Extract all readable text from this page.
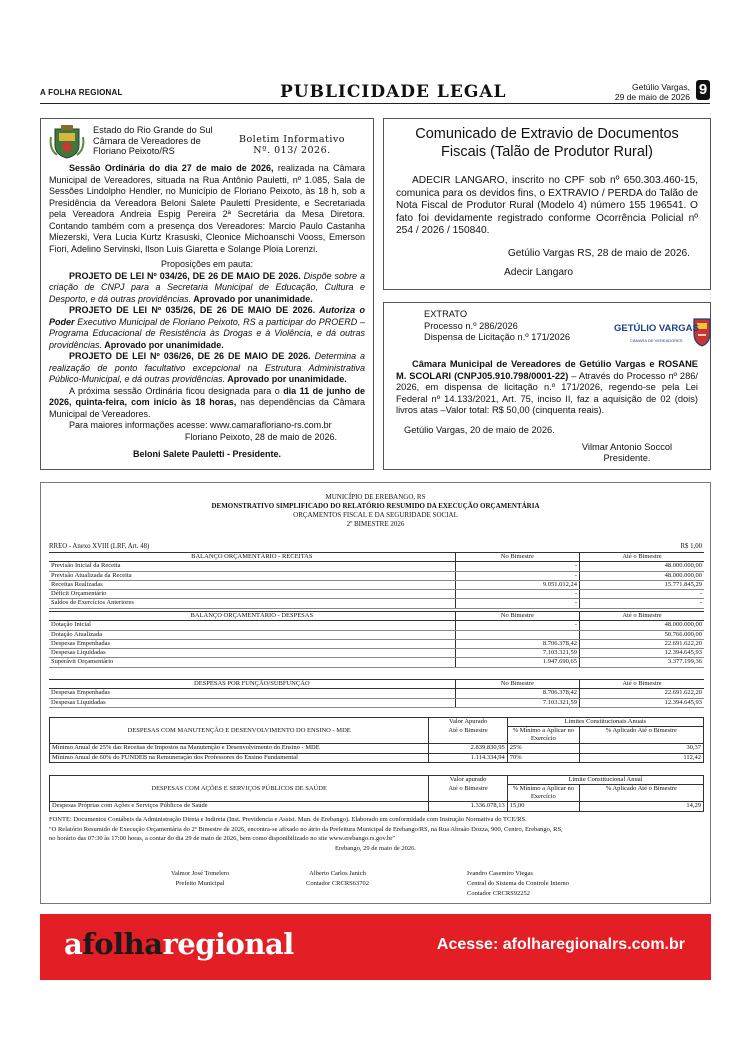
A FOLHA REGIONAL	PUBLICIDADE LEGAL	Getúlio Vargas,
29 de maio de 2026 9
Estado do Rio Grande do Sul
Câmara de Vereadores de
Floriano Peixoto/RS
Boletim Informativo
Nº. 013/ 2026.

Sessão Ordinária do dia 27 de maio de 2026, realizada na Câmara Municipal de Vereadores, situada na Rua Antônio Pauletti, nº 1.085, Sala de Sessões Lindolpho Hendler, no Município de Floriano Peixoto, às 18 h, sob a Presidência da Vereadora Beloni Salete Pauletti Presidente, e Secretariada pela Vereadora Andreia Espig Pereira 2ª Secretária da Mesa Diretora. Contando também com a presença dos Vereadores: Marcio Paulo Castanha Miezerski, Vera Lucia Kurtz Krasuski, Cleonice Michoanschi Vooss, Emerson Fiori, Adelino Servinski, Ilson Luis Giaretta e Solange Ploia Lorenzi.

Proposições em pauta:

PROJETO DE LEI Nº 034/26, DE 26 DE MAIO DE 2026. Dispõe sobre a criação de CNPJ para a Secretaria Municipal de Educação, Cultura e Desporto, e dá outras providências. Aprovado por unanimidade.

PROJETO DE LEI Nº 035/26, DE 26 DE MAIO DE 2026. Autoriza o Poder Executivo Municipal de Floriano Peixoto, RS a participar do PROERD – Programa Educacional de Resistência às Drogas e à Violência, e dá outras providências. Aprovado por unanimidade.

PROJETO DE LEI Nº 036/26, DE 26 DE MAIO DE 2026. Determina a realização de ponto facultativo excepcional na Estrutura Administrativa Público-Municipal, e dá outras providências. Aprovado por unanimidade.

A próxima sessão Ordinária ficou designada para o dia 11 de junho de 2026, quinta-feira, com início às 18 horas, nas dependências da Câmara Municipal de Vereadores.

Para maiores informações acesse: www.camarafloriano-rs.com.br

Floriano Peixoto, 28 de maio de 2026.

Beloni Salete Pauletti - Presidente.

Comunicado de Extravio de Documentos
Fiscais (Talão de Produtor Rural)

ADECIR LANGARO, inscrito no CPF sob nº 650.303.460-15, comunica para os devidos fins, o EXTRAVIO / PERDA do Talão de Nota Fiscal de Produtor Rural (Modelo 4) número 155 196541. O fato foi devidamente registrado conforme Ocorrência Policial nº 254 / 2026 / 150840.

Getúlio Vargas RS, 28 de maio de 2026.

Adecir Langaro

EXTRATO
Processo n.º 286/2026
Dispensa de Licitação n.º 171/2026
GETÚLIO VARGAS
CÂMARA DE VEREADORES

Câmara Municipal de Vereadores de Getúlio Vargas e ROSANE M. SCOLARI (CNPJ05.910.798/0001-22) – Através do Processo nº 286/ 2026, em dispensa de licitação n.º 171/2026, regendo-se pela Lei Federal nº 14.133/2021, Art. 75, inciso II, faz a aquisição de 02 (dois) livros atas –Valor total: R$ 50,00 (cinquenta reais).

Getúlio Vargas, 20 de maio de 2026.

Vilmar Antonio Soccol
Presidente.
MUNICÍPIO DE EREBANGO, RS
DEMONSTRATIVO SIMPLIFICADO DO RELATÓRIO RESUMIDO DA EXECUÇÃO ORÇAMENTÁRIA
ORÇAMENTOS FISCAL E DA SEGURIDADE SOCIAL
2º BIMESTRE 2026
RREO - Anexo XVIII (LRF, Art. 48)	R$ 1,00
BALANÇO ORÇAMENTÁRIO - RECEITAS	No Bimestre	Até o Bimestre
Previsão Inicial da Receita	-	48.000.000,00
Previsão Atualizada da Receita	-	48.000.000,00
Receitas Realizadas	9.051.012,24	15.771.845,29
Déficit Orçamentário	-	-
Saldos de Exercícios Anteriores	-	-
BALANÇO ORÇAMENTÁRIO - DESPESAS	No Bimestre	Até o Bimestre
Dotação Inicial	-	48.000.000,00
Dotação Atualizada		50.766.000,00
Despesas Empenhadas	8.706.378,42	22.691.622,20
Despesas Liquidadas	7.103.321,59	12.394.645,93
Superávit Orçamentário	1.947.690,65	3.377.199,36
DESPESAS POR FUNÇÃO/SUBFUNÇÃO	No Bimestre	Até o Bimestre
Despesas Empenhadas	8.706.378,42	22.691.622,20
Despesas Liquidadas	7.103.321,59	12.394.645,93
DESPESAS COM MANUTENÇÃO E DESENVOLVIMENTO DO ENSINO - MDE	Valor Apurado	Limites Constitucionais Anuais	
	Até o Bimestre	% Mínimo a Aplicar no Exercício	% Aplicado Até o Bimestre

Mínimo Anual de 25% das Receitas de Impostos na Manutenção e Desenvolvimento do Ensino - MDE	2.839.830,95	25%	30,37
Mínimo Anual de 60% do FUNDEB na Remuneração dos Professores do Ensino Fundamental	1.114.334,94	70%	112,42
DESPESAS COM AÇÕES E SERVIÇOS PÚBLICOS DE SAÚDE	Valor apurado	Limite Constitucional Anual	
	Até o Bimestre	% Mínimo a Aplicar no Exercício	% Aplicado Até o Bimestre

Despesas Próprias com Ações e Serviços Públicos de Saúde	1.336.078,13	15,00	14,29
FONTE: Documentos Contábeis da Administração Direta e Indireta (Inst. Previdencia e Assist. Mun. de Erebango). Elaborado em conformidade com Instrução Normativa do TCE/RS.
"O Relatório Resumido de Execução Orçamentária do 2º Bimestre de 2026, encontra-se afixado no átrio da Prefeitura Municipal de Erebango/RS, na Rua Abraão Dozza, 900, Centro, Erebango, RS,
no horário das 07:30 às 17:00 horas, a contar do dia 29 de maio de 2026, bem como disponibilizado no site www.erebango.rs.gov.br"
Erebango, 29 de maio de 2026.
Valmor José Tomelero
Prefeito Municipal
Alberto Carlos Janich
Contador CRCRS63702
Ivandro Casemiro Viegas
Central do Sistema de Controle Interno
Contador CRCRS92252
afolharegional	Acesse: afolharegionalrs.com.br
